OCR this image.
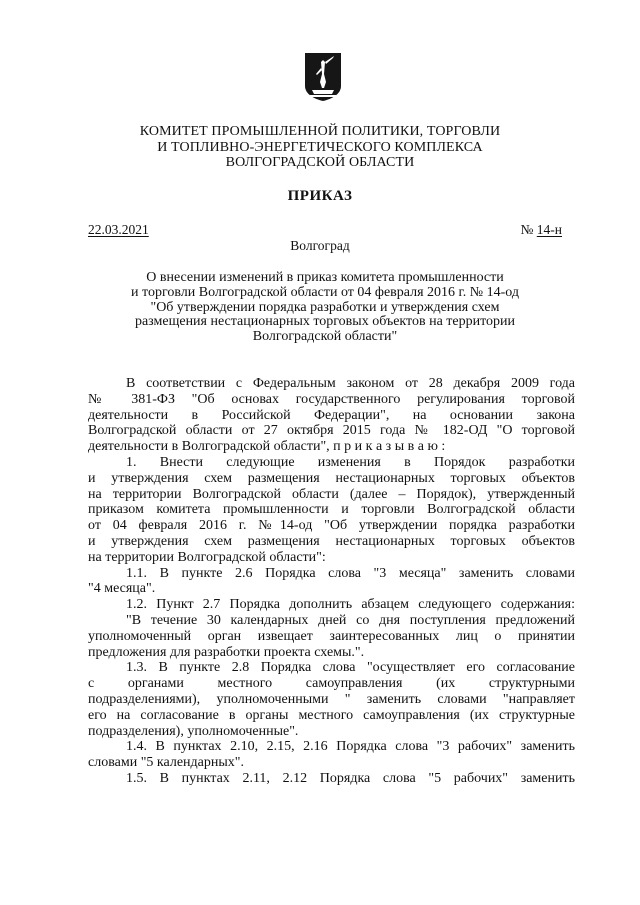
КОМИТЕТ ПРОМЫШЛЕННОЙ ПОЛИТИКИ, ТОРГОВЛИ
И ТОПЛИВНО-ЭНЕРГЕТИЧЕСКОГО КОМПЛЕКСА
ВОЛГОГРАДСКОЙ ОБЛАСТИ
ПРИКАЗ
22.03.2021	№ 14-н
Волгоград
О внесении изменений в приказ комитета промышленности
и торговли Волгоградской области от 04 февраля 2016 г. № 14-од
"Об утверждении порядка разработки и утверждения схем
размещения нестационарных торговых объектов на территории
Волгоградской области"
В соответствии с Федеральным законом от 28 декабря 2009 года
№ 381-ФЗ "Об основах государственного регулирования торговой
деятельности в Российской Федерации", на основании закона
Волгоградской области от 27 октября 2015 года № 182-ОД "О торговой
деятельности в Волгоградской области", п р и к а з ы в а ю :
1. Внести следующие изменения в Порядок разработки
и утверждения схем размещения нестационарных торговых объектов
на территории Волгоградской области (далее – Порядок), утвержденный
приказом комитета промышленности и торговли Волгоградской области
от 04 февраля 2016 г. №14-од "Об утверждении порядка разработки
и утверждения схем размещения нестационарных торговых объектов
на территории Волгоградской области":
1.1. В пункте 2.6 Порядка слова "3 месяца" заменить словами
"4 месяца".
1.2. Пункт 2.7 Порядка дополнить абзацем следующего содержания:
"В течение 30 календарных дней со дня поступления предложений
уполномоченный орган извещает заинтересованных лиц о принятии
предложения для разработки проекта схемы.".
1.3. В пункте 2.8 Порядка слова "осуществляет его согласование
с органами местного самоуправления (их структурными
подразделениями), уполномоченными " заменить словами "направляет
его на согласование в органы местного самоуправления (их структурные
подразделения), уполномоченные".
1.4. В пунктах 2.10, 2.15, 2.16 Порядка слова "3 рабочих" заменить
словами "5 календарных".
1.5. В пунктах 2.11, 2.12 Порядка слова "5 рабочих" заменить
